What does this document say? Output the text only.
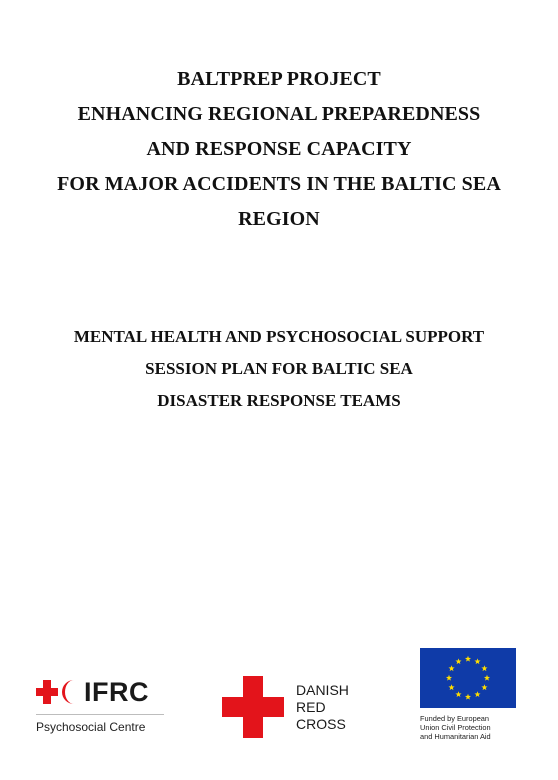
BALTPREP PROJECT
ENHANCING REGIONAL PREPAREDNESS
AND RESPONSE CAPACITY
FOR MAJOR ACCIDENTS IN THE BALTIC SEA
REGION
MENTAL HEALTH AND PSYCHOSOCIAL SUPPORT
SESSION PLAN FOR BALTIC SEA
DISASTER RESPONSE TEAMS
IFRC
Psychosocial Centre
DANISH
RED
CROSS	Funded by European
Union Civil Protection
and Humanitarian Aid
